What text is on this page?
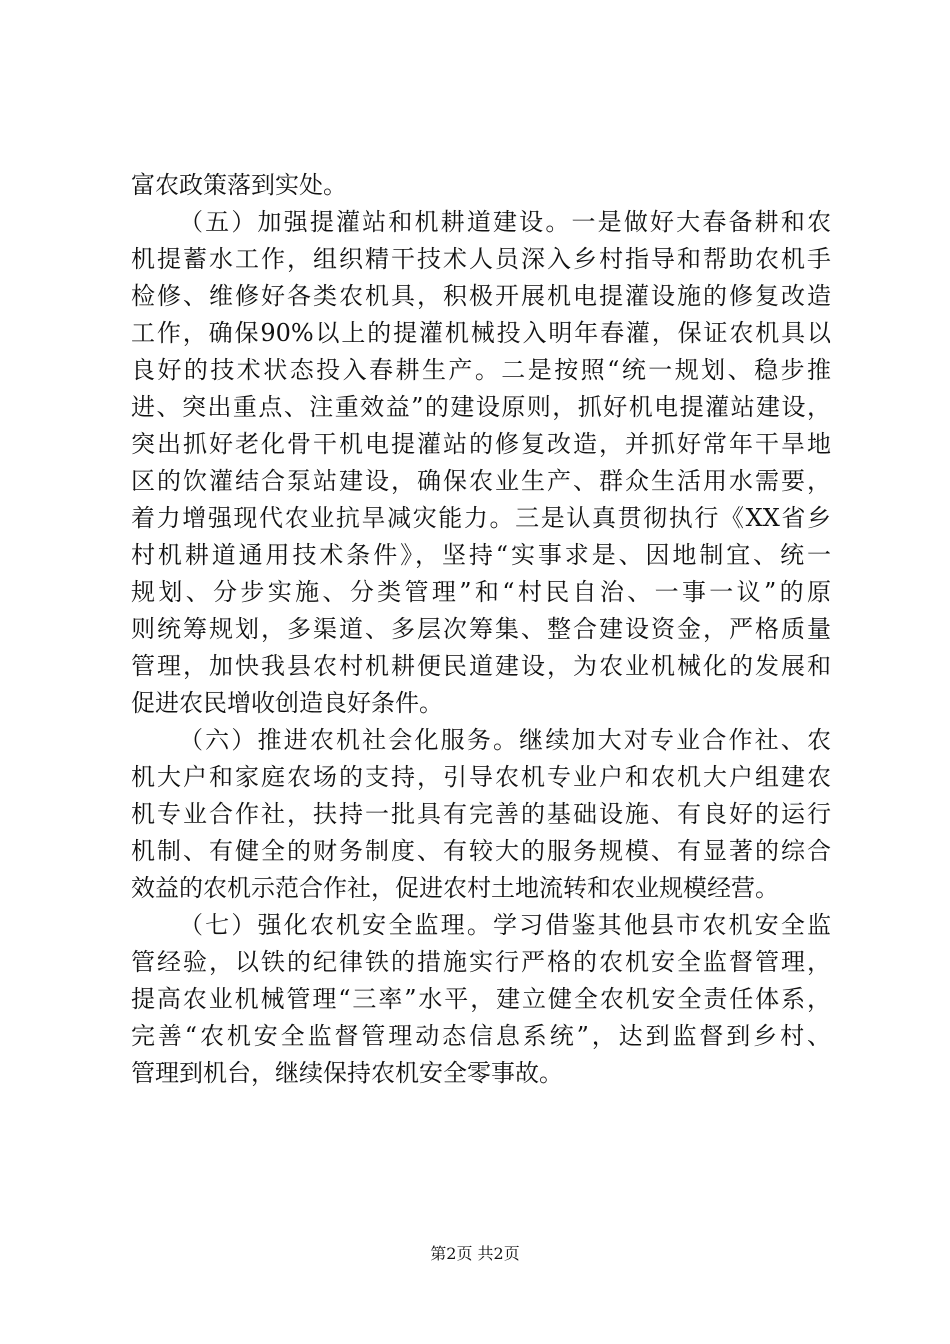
富农政策落到实处。
（五）加强提灌站和机耕道建设。一是做好大春备耕和农
机提蓄水工作，组织精干技术人员深入乡村指导和帮助农机手
检修、维修好各类农机具，积极开展机电提灌设施的修复改造
工作，确保90%以上的提灌机械投入明年春灌，保证农机具以
良好的技术状态投入春耕生产。二是按照“统一规划、稳步推
进、突出重点、注重效益”的建设原则，抓好机电提灌站建设，
突出抓好老化骨干机电提灌站的修复改造，并抓好常年干旱地
区的饮灌结合泵站建设，确保农业生产、群众生活用水需要，
着力增强现代农业抗旱减灾能力。三是认真贯彻执行《XX省乡
村机耕道通用技术条件》，坚持“实事求是、因地制宜、统一
规划、分步实施、分类管理”和“村民自治、一事一议”的原
则统筹规划，多渠道、多层次筹集、整合建设资金，严格质量
管理，加快我县农村机耕便民道建设，为农业机械化的发展和
促进农民增收创造良好条件。
（六）推进农机社会化服务。继续加大对专业合作社、农
机大户和家庭农场的支持，引导农机专业户和农机大户组建农
机专业合作社，扶持一批具有完善的基础设施、有良好的运行
机制、有健全的财务制度、有较大的服务规模、有显著的综合
效益的农机示范合作社，促进农村土地流转和农业规模经营。
（七）强化农机安全监理。学习借鉴其他县市农机安全监
管经验，以铁的纪律铁的措施实行严格的农机安全监督管理，
提高农业机械管理“三率”水平，建立健全农机安全责任体系，
完善“农机安全监督管理动态信息系统”，达到监督到乡村、
管理到机台，继续保持农机安全零事故。
第2页 共2页
